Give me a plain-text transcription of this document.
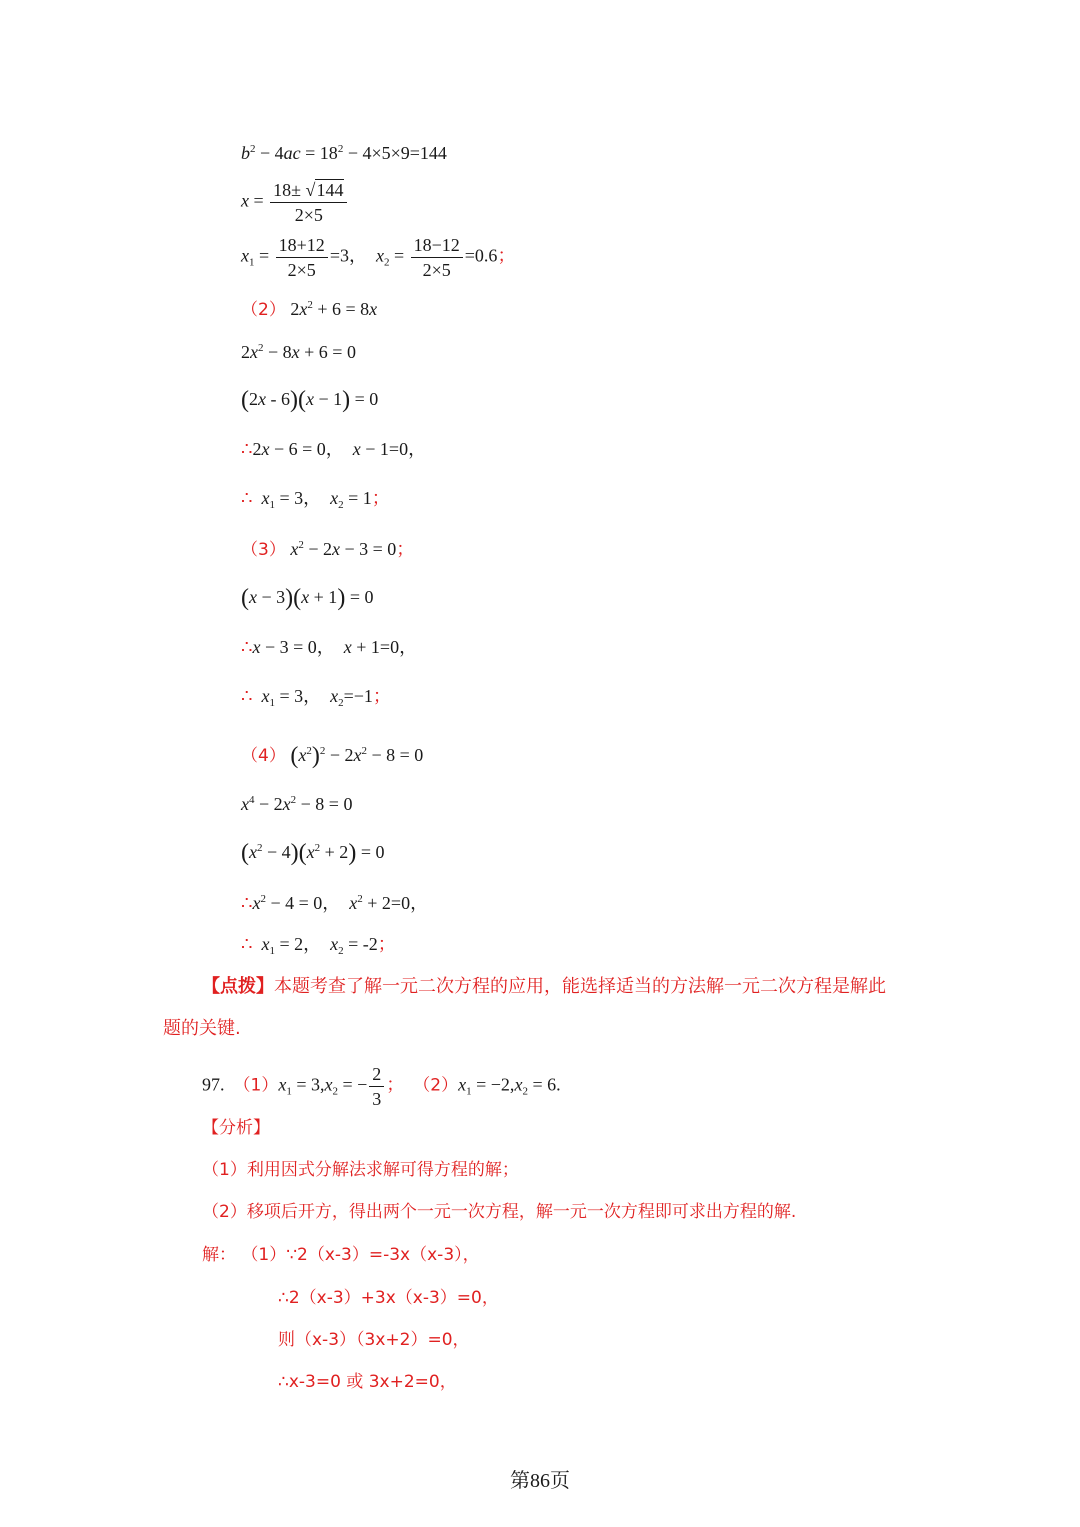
$b^2 - 4ac = 18^2 - 4\times 5\times 9=144$
$x = \frac{18\pm √144}{2\times 5}$
$x_1 = \frac{18+12}{2\times 5} =3$，  $x_2 = \frac{18-12}{2\times 5} =0.6$；
（2） $2x^2 + 6 = 8x$
$2x^2 - 8x + 6 = 0$
(2x - 6)(x − 1) = 0
∴2x − 6 = 0，  x − 1=0，
∴ $x_1 = 3$，  $x_2 = 1$；
（3） $x^2 - 2x - 3 = 0$；
(x − 3)(x + 1) = 0
∴x − 3 = 0，  x + 1=0，
∴ $x_1 = 3$，  $x_2=-1$；
（4） $(x^2)^2 - 2x^2 - 8 = 0$
$x^4 - 2x^2 - 8 = 0$
$(x^2 - 4)(x^2 + 2) = 0$
$\therefore x^2 - 4 = 0$，  $x^2 + 2=0$，
∴ $x_1 = 2$，  $x_2 = -2$；
【点拨】本题考查了解一元二次方程的应用，能选择适当的方法解一元二次方程是解此
题的关键.
97. $(1)x_1 = 3,x_2$ = − $\frac{2}{3}$ ； $(2)x_1 = -2,x_2 = 6$.
【分析】
（1）利用因式分解法求解可得方程的解；
（2）移项后开方，得出两个一元一次方程，解一元一次方程即可求出方程的解.
解： （1）∵2（x-3）=-3x（x-3），
∴2（x-3）+3x（x-3）=0，
则（x-3）（3x+2）=0，
∴x-3=0 或 3x+2=0，
第86页
